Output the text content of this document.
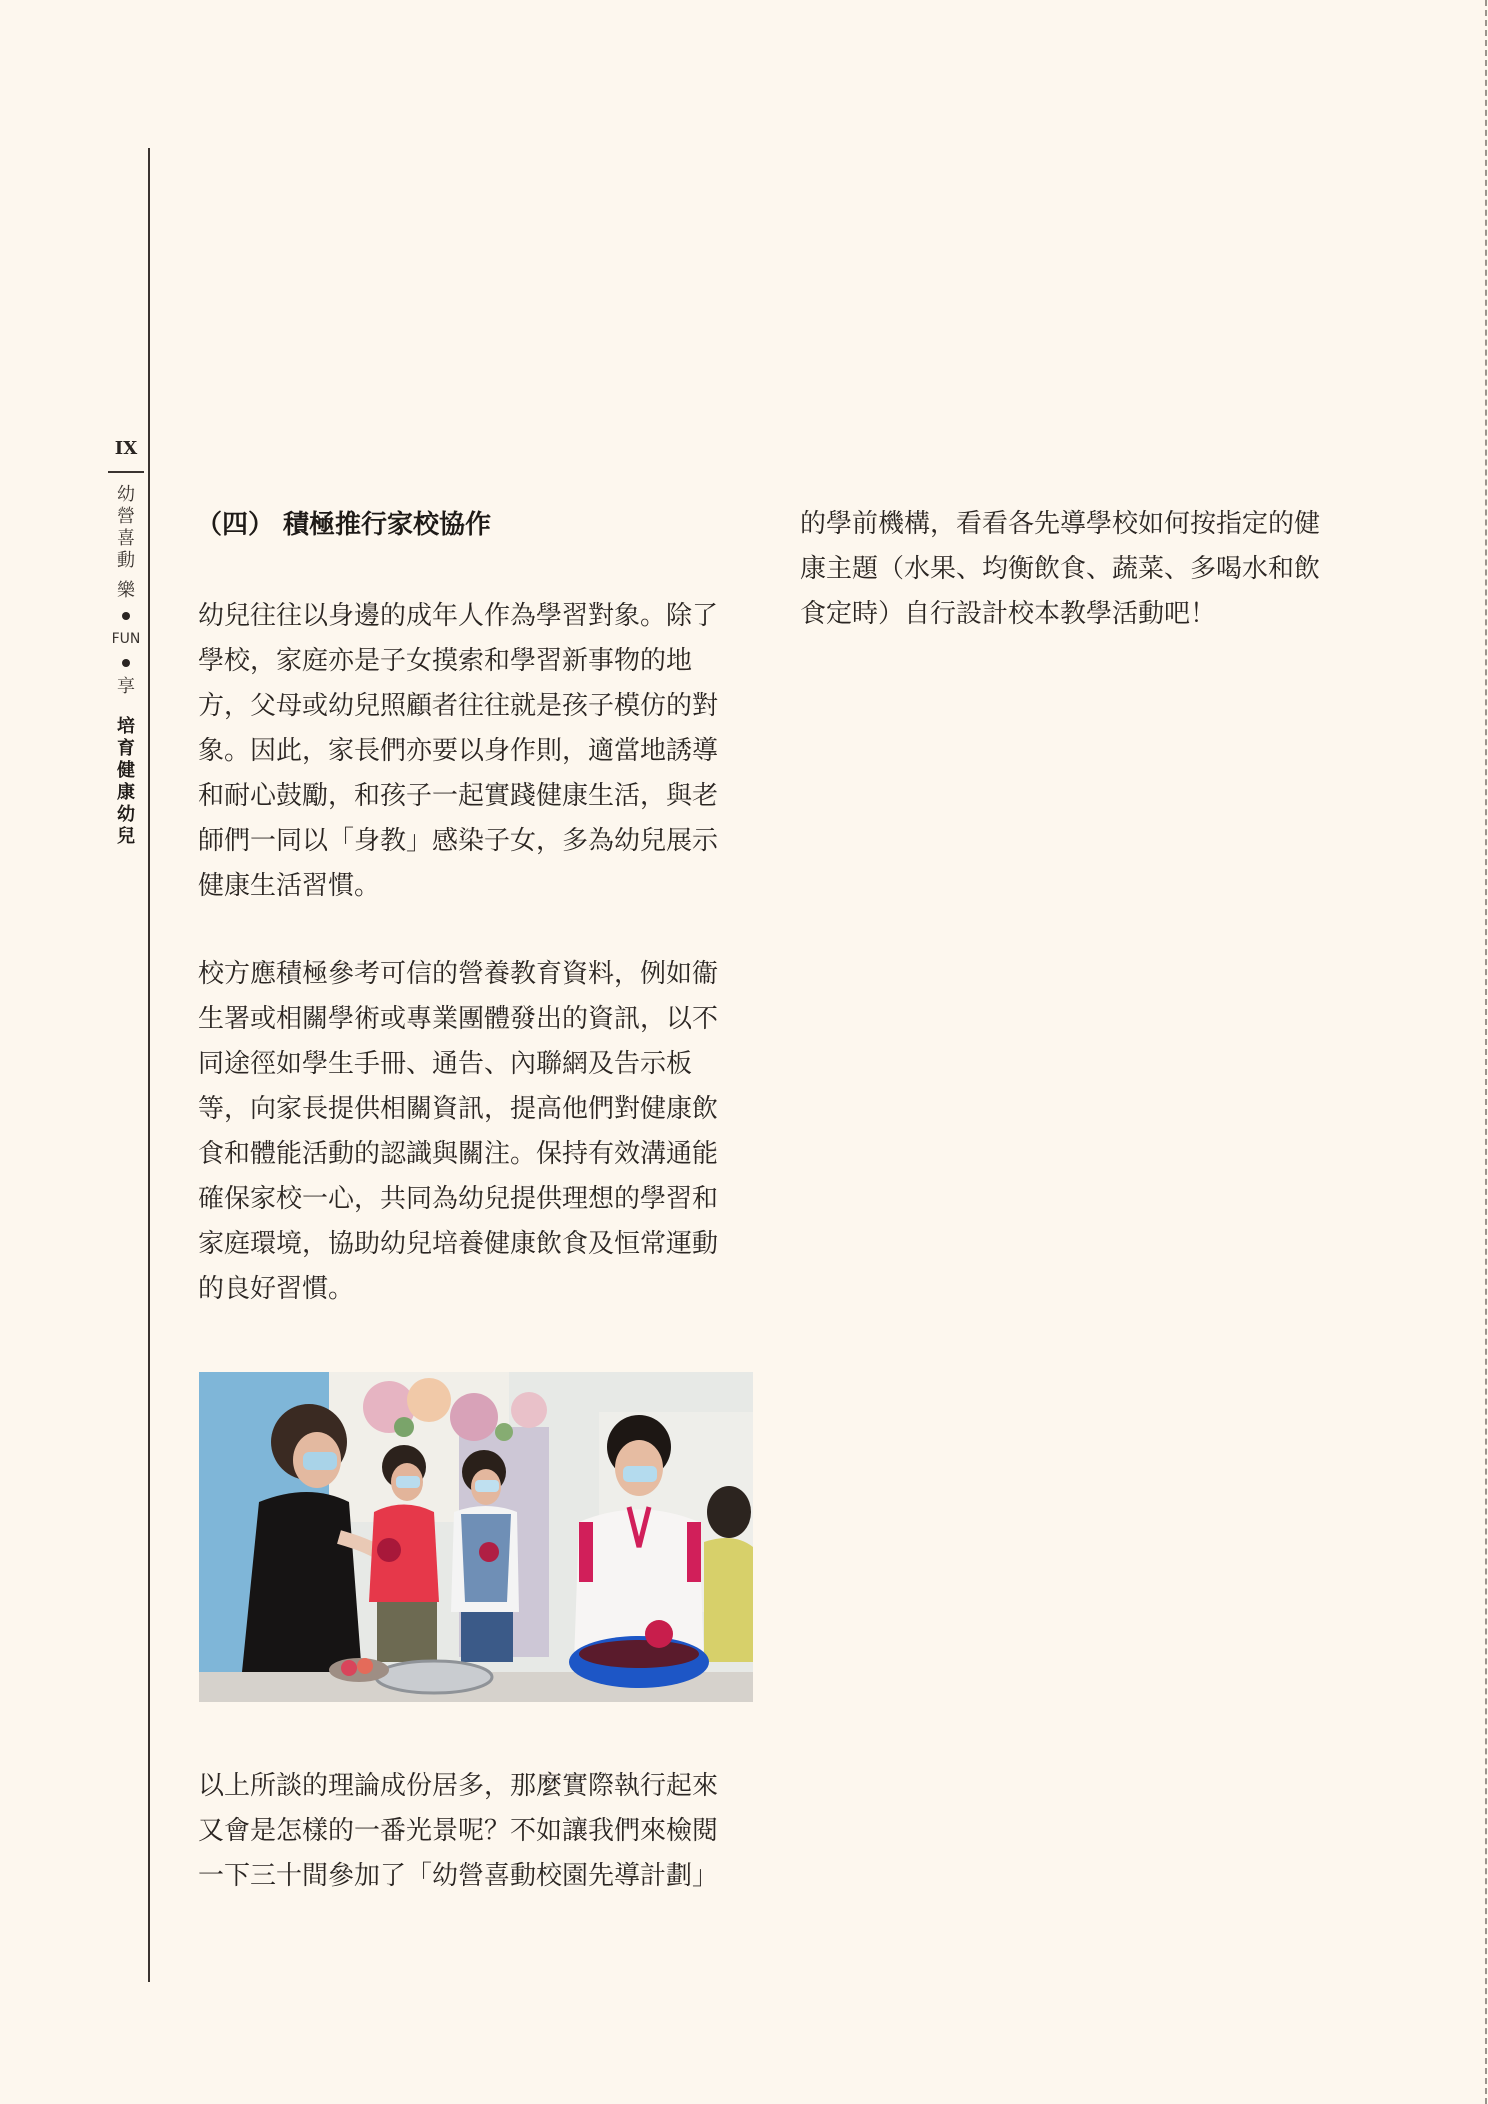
IX
幼
營
喜
動
樂
FUN
享
培
育
健
康
幼
兒
（四） 積極推行家校協作
幼兒往往以身邊的成年人作為學習對象。除了
學校，家庭亦是子女摸索和學習新事物的地
方，父母或幼兒照顧者往往就是孩子模仿的對
象。因此，家長們亦要以身作則，適當地誘導
和耐心鼓勵，和孩子一起實踐健康生活，與老
師們一同以「身教」感染子女，多為幼兒展示
健康生活習慣。
校方應積極參考可信的營養教育資料，例如衞
生署或相關學術或專業團體發出的資訊，以不
同途徑如學生手冊、通告、內聯網及告示板
等，向家長提供相關資訊，提高他們對健康飲
食和體能活動的認識與關注。保持有效溝通能
確保家校一心，共同為幼兒提供理想的學習和
家庭環境，協助幼兒培養健康飲食及恒常運動
的良好習慣。
以上所談的理論成份居多，那麼實際執行起來
又會是怎樣的一番光景呢？不如讓我們來檢閱
一下三十間參加了「幼營喜動校園先導計劃」
的學前機構，看看各先導學校如何按指定的健
康主題（水果、均衡飲食、蔬菜、多喝水和飲
食定時）自行設計校本教學活動吧！
